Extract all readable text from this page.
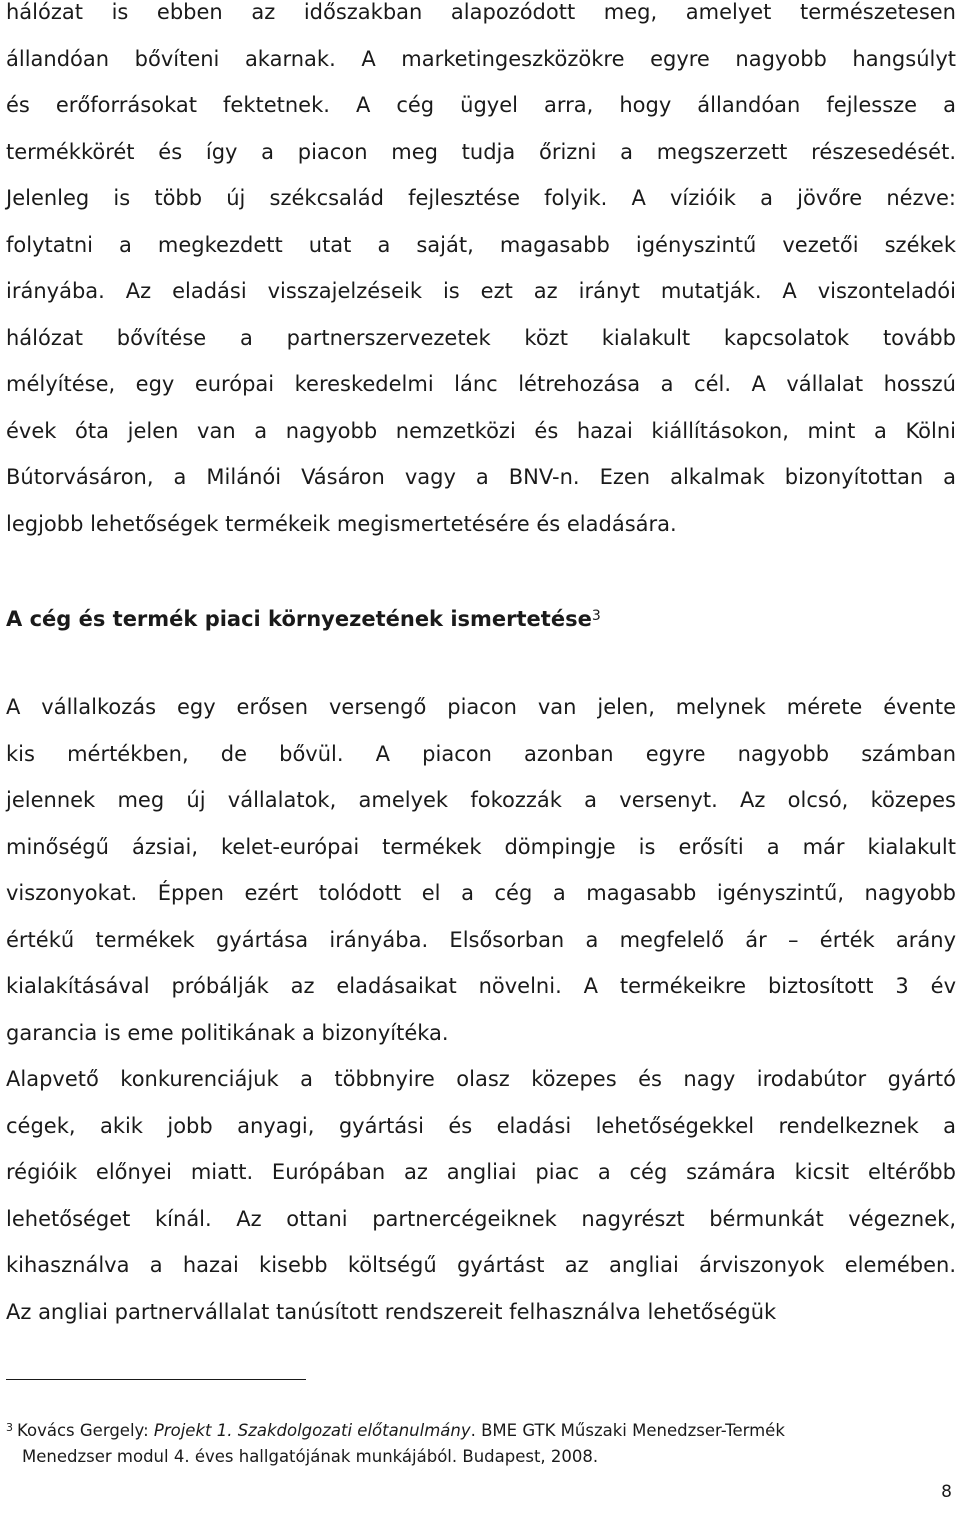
hálózat is ebben az időszakban alapozódott meg, amelyet természetesen
állandóan bővíteni akarnak. A marketingeszközökre egyre nagyobb hangsúlyt
és erőforrásokat fektetnek. A cég ügyel arra, hogy állandóan fejlessze a
termékkörét és így a piacon meg tudja őrizni a megszerzett részesedését.
Jelenleg is több új székcsalád fejlesztése folyik. A vízióik a jövőre nézve:
folytatni a megkezdett utat a saját, magasabb igényszintű vezetői székek
irányába. Az eladási visszajelzéseik is ezt az irányt mutatják. A viszonteladói
hálózat bővítése a partnerszervezetek közt kialakult kapcsolatok tovább
mélyítése, egy európai kereskedelmi lánc létrehozása a cél. A vállalat hosszú
évek óta jelen van a nagyobb nemzetközi és hazai kiállításokon, mint a Kölni
Bútorvásáron, a Milánói Vásáron vagy a BNV-n. Ezen alkalmak bizonyítottan a
legjobb lehetőségek termékeik megismertetésére és eladására.
A cég és termék piaci környezetének ismertetése$^3$
A vállalkozás egy erősen versengő piacon van jelen, melynek mérete évente
kis mértékben, de bővül. A piacon azonban egyre nagyobb számban
jelennek meg új vállalatok, amelyek fokozzák a versenyt. Az olcsó, közepes
minőségű ázsiai, kelet-európai termékek dömpingje is erősíti a már kialakult
viszonyokat. Éppen ezért tolódott el a cég a magasabb igényszintű, nagyobb
értékű termékek gyártása irányába. Elsősorban a megfelelő ár – érték arány
kialakításával próbálják az eladásaikat növelni. A termékeikre biztosított 3 év
garancia is eme politikának a bizonyítéka.
Alapvető konkurenciájuk a többnyire olasz közepes és nagy irodabútor gyártó
cégek, akik jobb anyagi, gyártási és eladási lehetőségekkel rendelkeznek a
régióik előnyei miatt. Európában az angliai piac a cég számára kicsit eltérőbb
lehetőséget kínál. Az ottani partnercégeiknek nagyrészt bérmunkát végeznek,
kihasználva a hazai kisebb költségű gyártást az angliai árviszonyok elemében.
Az angliai partnervállalat tanúsított rendszereit felhasználva lehetőségük

$^3$ Kovács Gergely: Projekt 1. Szakdolgozati előtanulmány. BME GTK Műszaki Menedzser-Termék
Menedzser modul 4. éves hallgatójának munkájából. Budapest, 2008.

8
